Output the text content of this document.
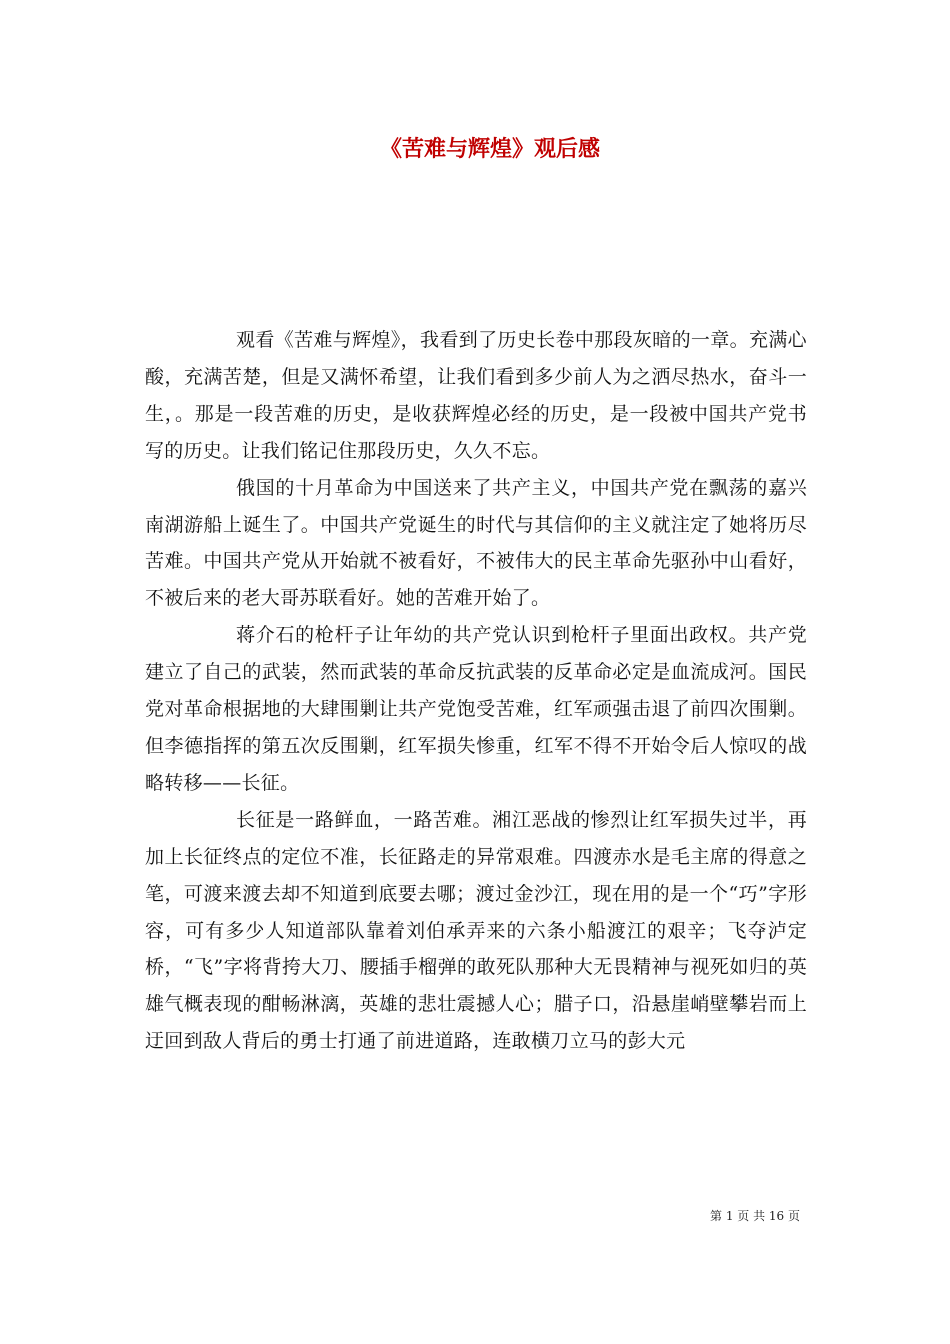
《苦难与辉煌》观后感

观看《苦难与辉煌》，我看到了历史长卷中那段灰暗的一章。充满心酸，充满苦楚，但是又满怀希望，让我们看到多少前人为之洒尽热水，奋斗一生，。那是一段苦难的历史，是收获辉煌必经的历史，是一段被中国共产党书写的历史。让我们铭记住那段历史，久久不忘。

俄国的十月革命为中国送来了共产主义，中国共产党在飘荡的嘉兴南湖游船上诞生了。中国共产党诞生的时代与其信仰的主义就注定了她将历尽苦难。中国共产党从开始就不被看好，不被伟大的民主革命先驱孙中山看好，不被后来的老大哥苏联看好。她的苦难开始了。

蒋介石的枪杆子让年幼的共产党认识到枪杆子里面出政权。共产党建立了自己的武装，然而武装的革命反抗武装的反革命必定是血流成河。国民党对革命根据地的大肆围剿让共产党饱受苦难，红军顽强击退了前四次围剿。但李德指挥的第五次反围剿，红军损失惨重，红军不得不开始令后人惊叹的战略转移——长征。

长征是一路鲜血，一路苦难。湘江恶战的惨烈让红军损失过半，再加上长征终点的定位不准，长征路走的异常艰难。四渡赤水是毛主席的得意之笔，可渡来渡去却不知道到底要去哪；渡过金沙江，现在用的是一个“巧”字形容，可有多少人知道部队靠着刘伯承弄来的六条小船渡江的艰辛；飞夺泸定桥，“飞”字将背挎大刀、腰插手榴弹的敢死队那种大无畏精神与视死如归的英雄气概表现的酣畅淋漓，英雄的悲壮震撼人心；腊子口，沿悬崖峭壁攀岩而上迂回到敌人背后的勇士打通了前进道路，连敢横刀立马的彭大元

第 1 页 共 16 页
